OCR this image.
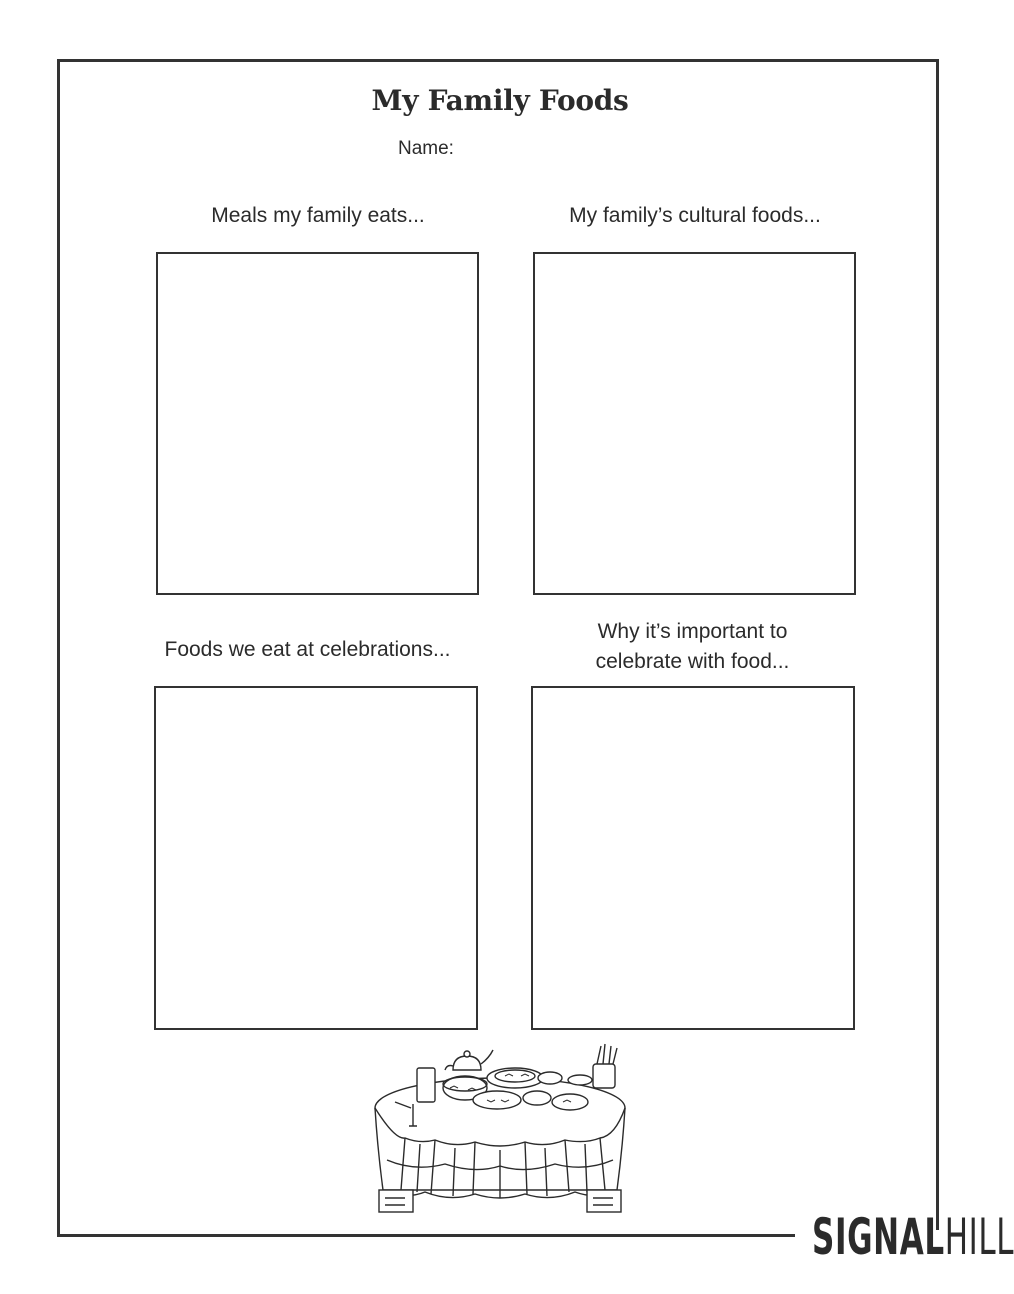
My Family Foods
Name:
Meals my family eats...	My family’s cultural foods...
Foods we eat at celebrations...
Why it’s important to celebrate with food...
SIGNAL HILL
